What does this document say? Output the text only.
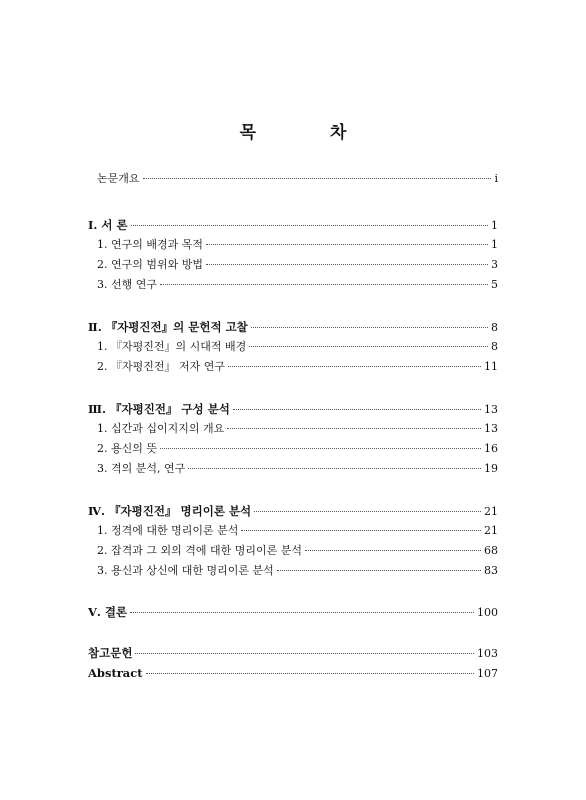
목 차
논문개요	i
Ⅰ. 서 론	1
1. 연구의 배경과 목적	1
2. 연구의 범위와 방법	3
3. 선행 연구	5
Ⅱ. 『자평진전』의 문헌적 고찰	8
1. 『자평진전』의 시대적 배경	8
2. 『자평진전』 저자 연구	11
Ⅲ. 『자평진전』 구성 분석	13
1. 십간과 십이지지의 개요	13
2. 용신의 뜻	16
3. 격의 분석, 연구	19
Ⅳ. 『자평진전』 명리이론 분석	21
1. 정격에 대한 명리이론 분석	21
2. 잡격과 그 외의 격에 대한 명리이론 분석	68
3. 용신과 상신에 대한 명리이론 분석	83
Ⅴ. 결론	100
참고문헌	103
Abstract	107
